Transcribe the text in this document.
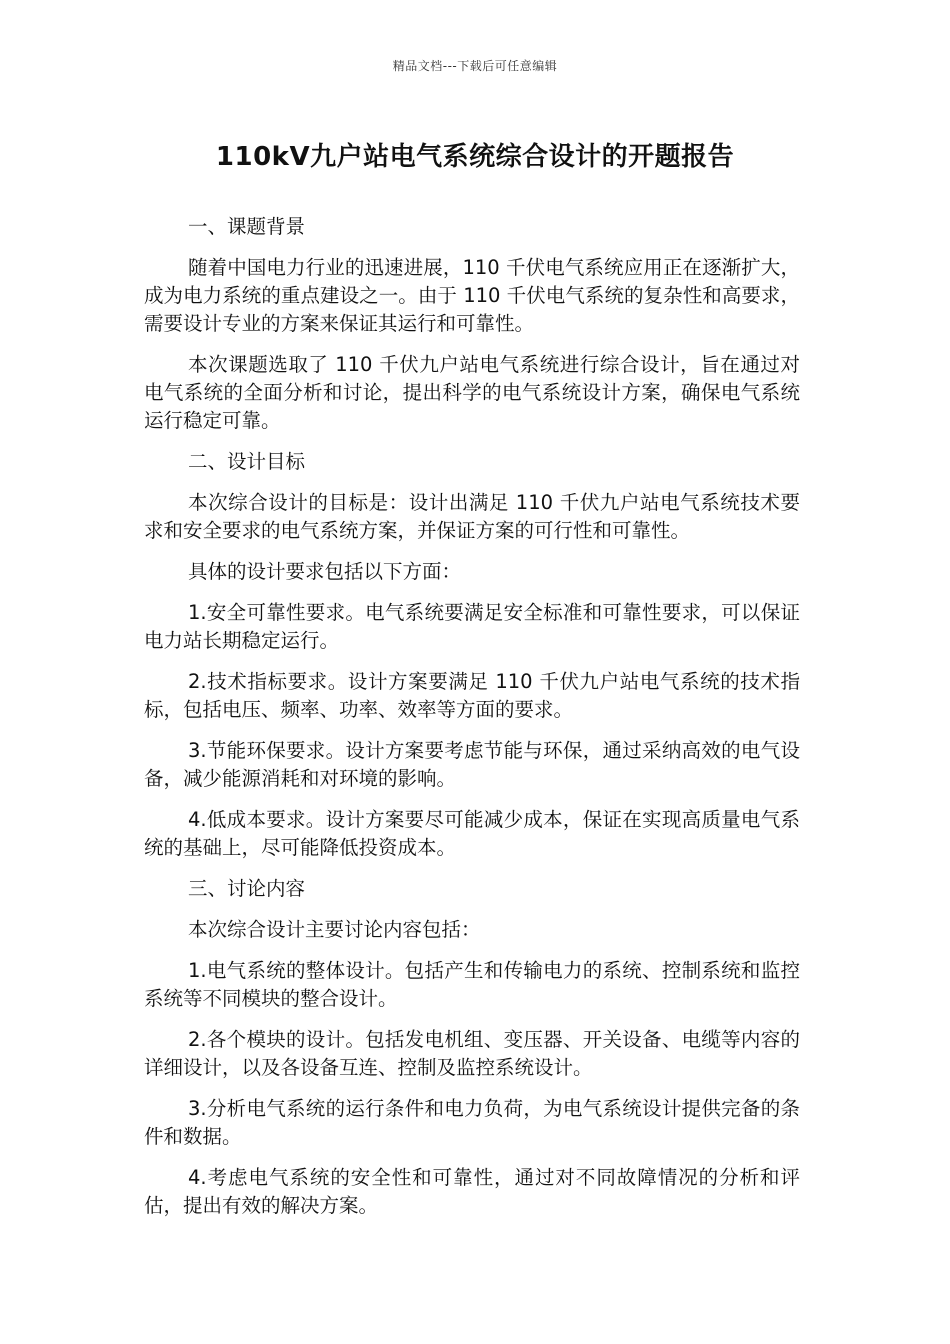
精品文档---下载后可任意编辑
110kV九户站电气系统综合设计的开题报告

一、课题背景

随着中国电力行业的迅速进展，110 千伏电气系统应用正在逐渐扩大，成为电力系统的重点建设之一。由于 110 千伏电气系统的复杂性和高要求，需要设计专业的方案来保证其运行和可靠性。

本次课题选取了 110 千伏九户站电气系统进行综合设计，旨在通过对电气系统的全面分析和讨论，提出科学的电气系统设计方案，确保电气系统运行稳定可靠。

二、设计目标

本次综合设计的目标是：设计出满足 110 千伏九户站电气系统技术要求和安全要求的电气系统方案，并保证方案的可行性和可靠性。

具体的设计要求包括以下方面：

1.安全可靠性要求。电气系统要满足安全标准和可靠性要求，可以保证电力站长期稳定运行。

2.技术指标要求。设计方案要满足 110 千伏九户站电气系统的技术指标，包括电压、频率、功率、效率等方面的要求。

3.节能环保要求。设计方案要考虑节能与环保，通过采纳高效的电气设备，减少能源消耗和对环境的影响。

4.低成本要求。设计方案要尽可能减少成本，保证在实现高质量电气系统的基础上，尽可能降低投资成本。

三、讨论内容

本次综合设计主要讨论内容包括：

1.电气系统的整体设计。包括产生和传输电力的系统、控制系统和监控系统等不同模块的整合设计。

2.各个模块的设计。包括发电机组、变压器、开关设备、电缆等内容的详细设计，以及各设备互连、控制及监控系统设计。

3.分析电气系统的运行条件和电力负荷，为电气系统设计提供完备的条件和数据。

4.考虑电气系统的安全性和可靠性，通过对不同故障情况的分析和评估，提出有效的解决方案。
